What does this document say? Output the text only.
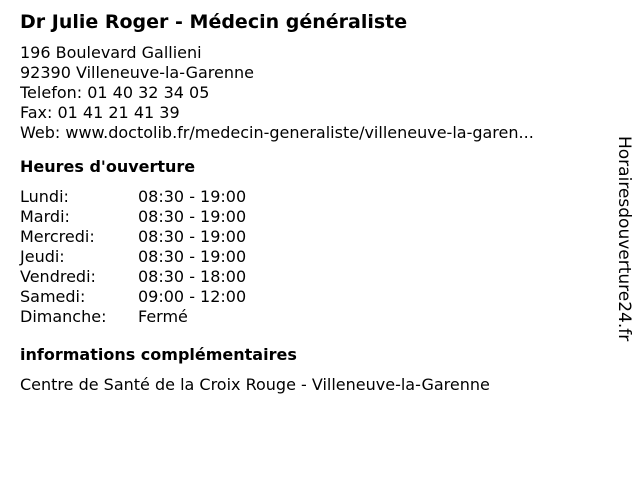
Dr Julie Roger - Médecin généraliste
196 Boulevard Gallieni
92390 Villeneuve-la-Garenne
Telefon: 01 40 32 34 05
Fax: 01 41 21 41 39
Web: www.doctolib.fr/medecin-generaliste/villeneuve-la-garen...
Heures d'ouverture
Lundi:	08:30 - 19:00
Mardi:	08:30 - 19:00
Mercredi:	08:30 - 19:00
Jeudi:	08:30 - 19:00
Vendredi:	08:30 - 18:00
Samedi:	09:00 - 12:00
Dimanche:	Fermé
informations complémentaires
Centre de Santé de la Croix Rouge - Villeneuve-la-Garenne
Horairesdouverture24.fr
